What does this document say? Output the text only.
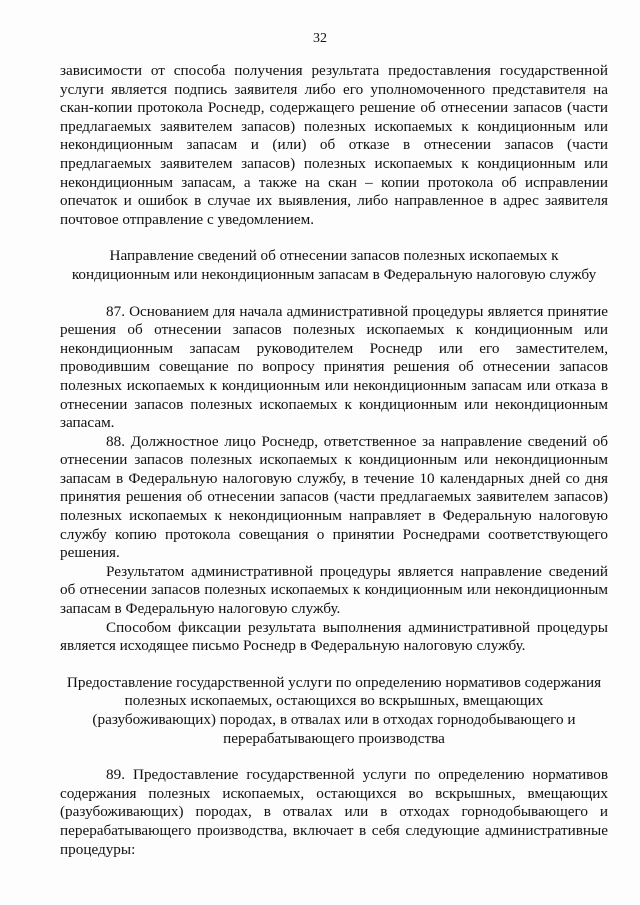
32

зависимости от способа получения результата предоставления государственной услуги является подпись заявителя либо его уполномоченного представителя на скан-копии протокола Роснедр, содержащего решение об отнесении запасов (части предлагаемых заявителем запасов) полезных ископаемых к кондиционным или некондиционным запасам и (или) об отказе в отнесении запасов (части предлагаемых заявителем запасов) полезных ископаемых к кондиционным или некондиционным запасам, а также на скан – копии протокола об исправлении опечаток и ошибок в случае их выявления, либо направленное в адрес заявителя почтовое отправление с уведомлением.

Направление сведений об отнесении запасов полезных ископаемых к кондиционным или некондиционным запасам в Федеральную налоговую службу

87. Основанием для начала административной процедуры является принятие решения об отнесении запасов полезных ископаемых к кондиционным или некондиционным запасам руководителем Роснедр или его заместителем, проводившим совещание по вопросу принятия решения об отнесении запасов полезных ископаемых к кондиционным или некондиционным запасам или отказа в отнесении запасов полезных ископаемых к кондиционным или некондиционным запасам.

88. Должностное лицо Роснедр, ответственное за направление сведений об отнесении запасов полезных ископаемых к кондиционным или некондиционным запасам в Федеральную налоговую службу, в течение 10 календарных дней со дня принятия решения об отнесении запасов (части предлагаемых заявителем запасов) полезных ископаемых к некондиционным направляет в Федеральную налоговую службу копию протокола совещания о принятии Роснедрами соответствующего решения.

Результатом административной процедуры является направление сведений об отнесении запасов полезных ископаемых к кондиционным или некондиционным запасам в Федеральную налоговую службу.

Способом фиксации результата выполнения административной процедуры является исходящее письмо Роснедр в Федеральную налоговую службу.

Предоставление государственной услуги по определению нормативов содержания полезных ископаемых, остающихся во вскрышных, вмещающих (разубоживающих) породах, в отвалах или в отходах горнодобывающего и перерабатывающего производства

89. Предоставление государственной услуги по определению нормативов содержания полезных ископаемых, остающихся во вскрышных, вмещающих (разубоживающих) породах, в отвалах или в отходах горнодобывающего и перерабатывающего производства, включает в себя следующие административные процедуры:
